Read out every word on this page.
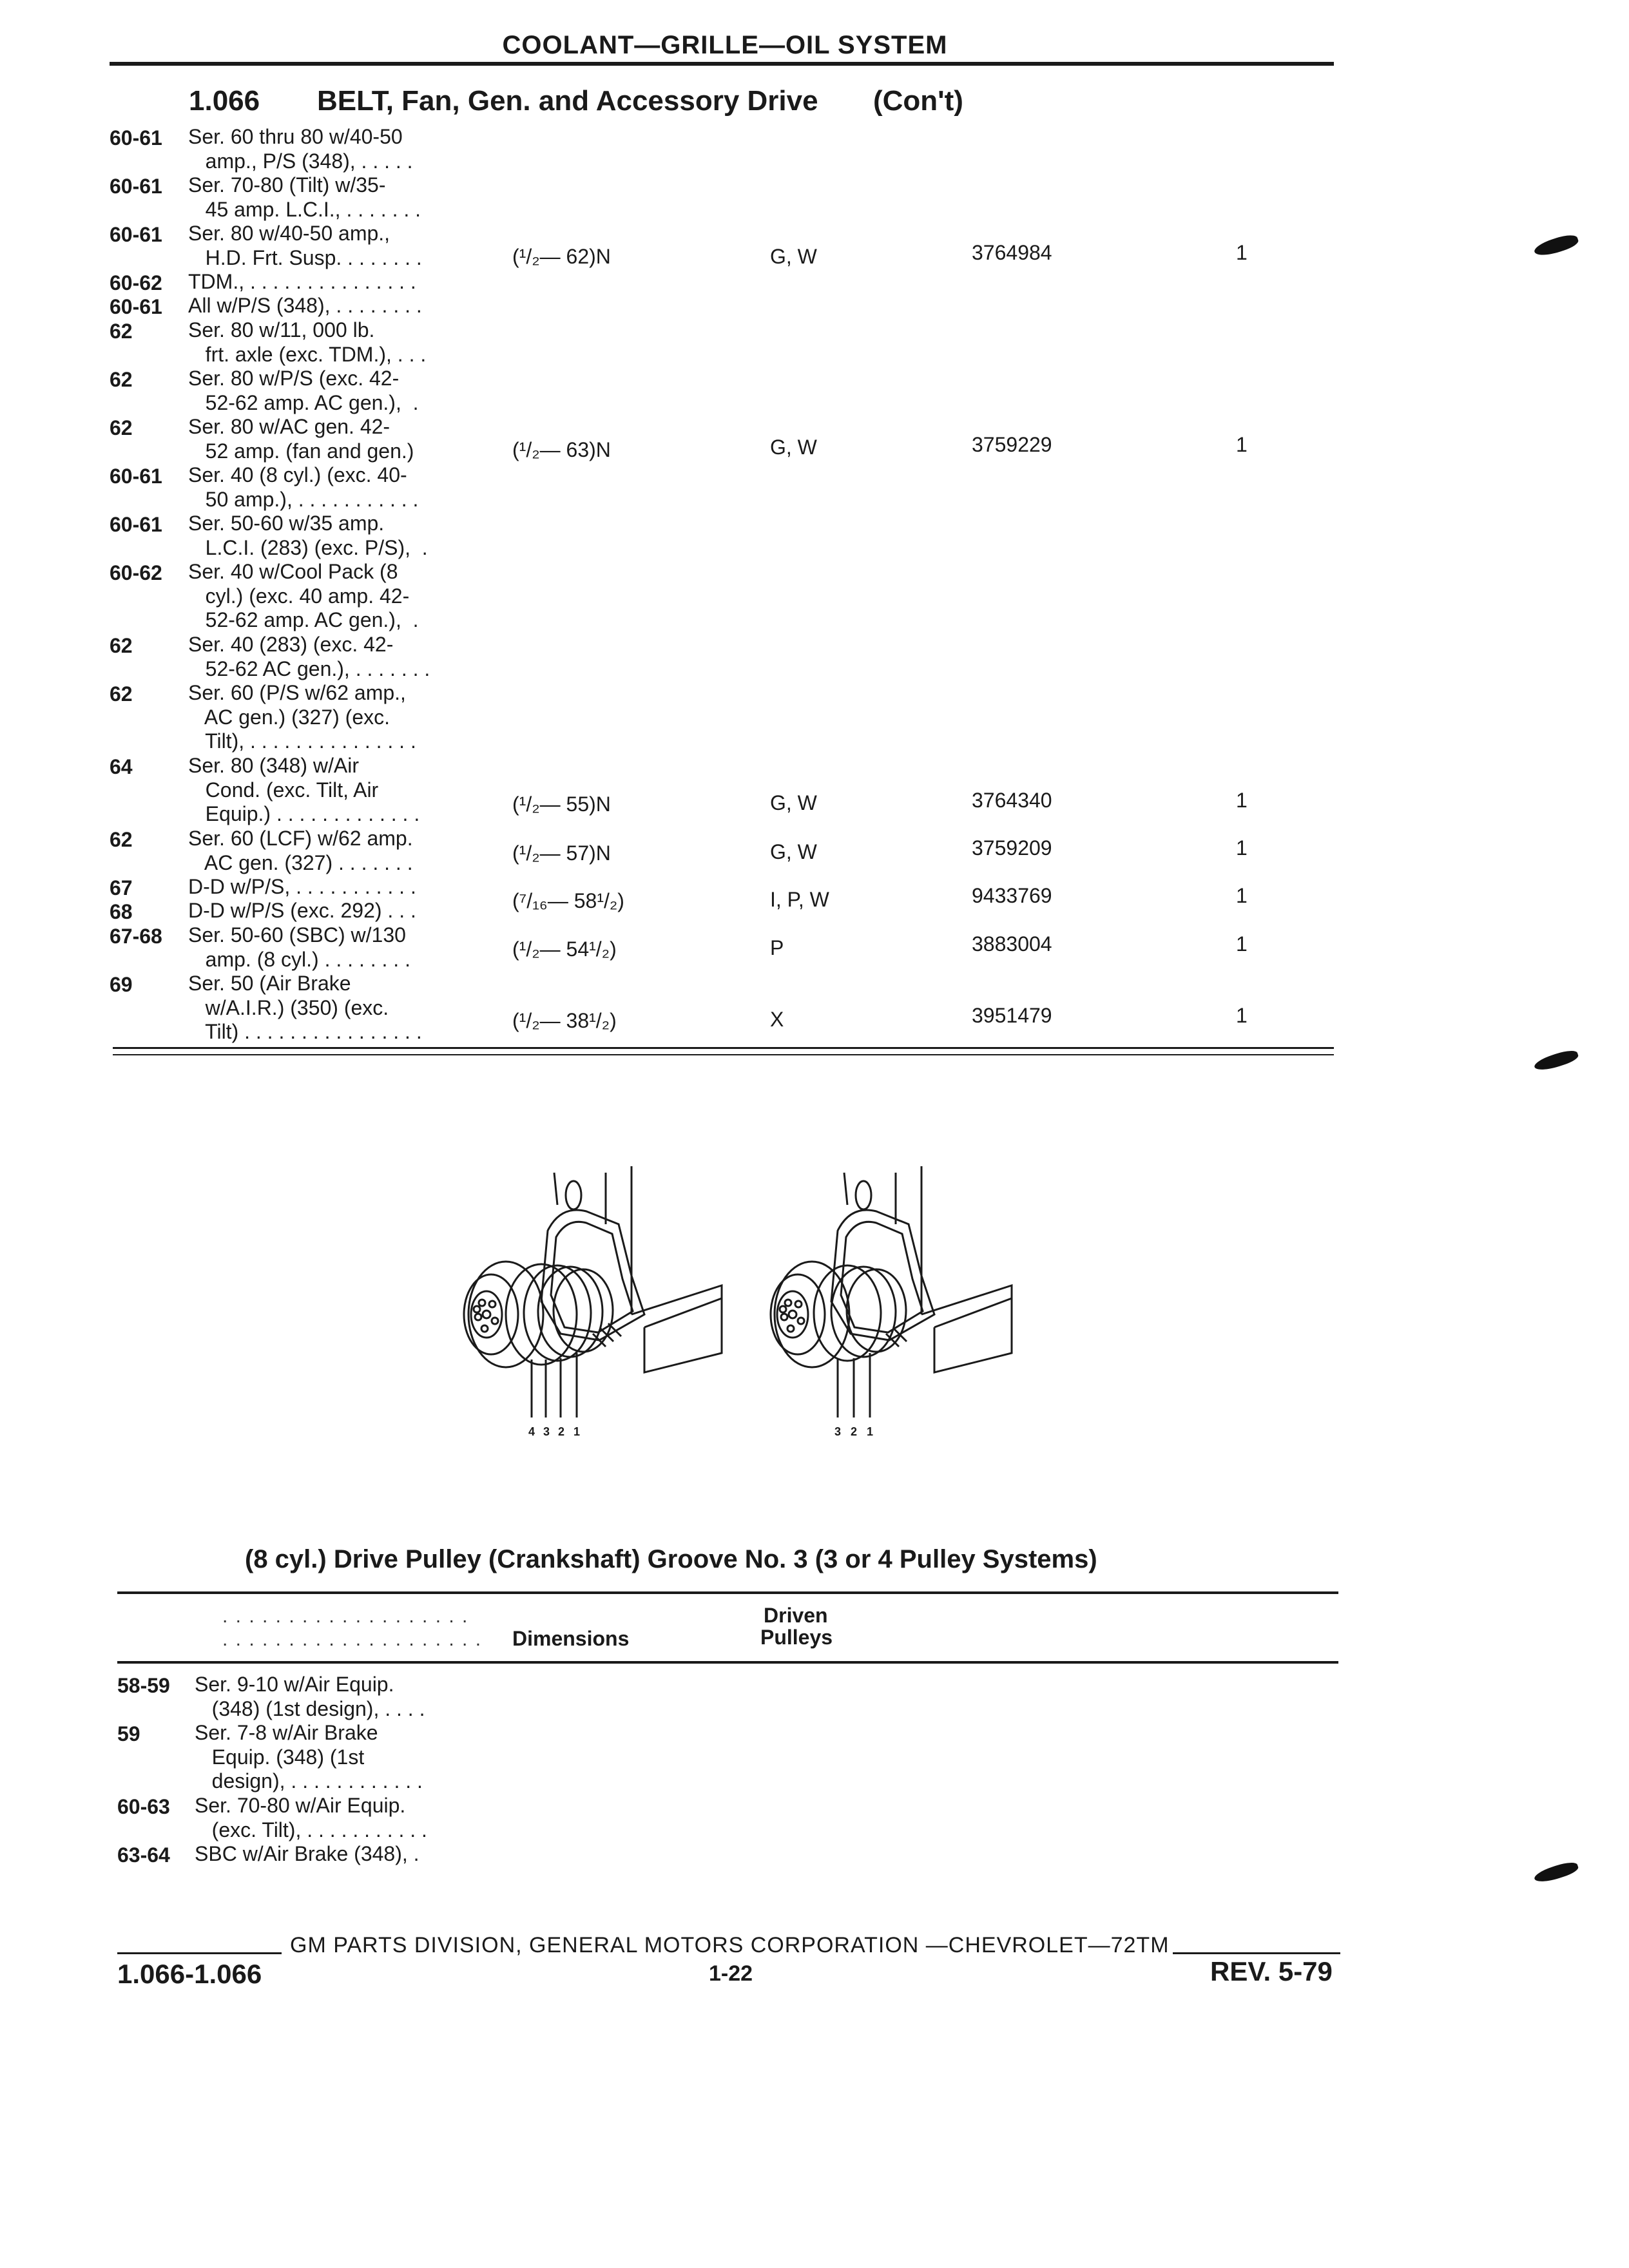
COOLANT—GRILLE—OIL SYSTEM
1.066 BELT, Fan, Gen. and Accessory Drive (Con't)
60-61 Ser. 60 thru 80 w/40-50
amp., P/S (348), . . . . .
60-61 Ser. 70-80 (Tilt) w/35-
45 amp. L.C.I., . . . . . . .
60-61 Ser. 80 w/40-50 amp.,
H.D. Frt. Susp. . . . . . . .	(¹/₂— 62)N	G, W	3764984	1
60-62 TDM., . . . . . . . . . . . . . . .
60-61 All w/P/S (348), . . . . . . . .
62	Ser. 80 w/11, 000 lb.
frt. axle (exc. TDM.), . . .
62	Ser. 80 w/P/S (exc. 42-
52-62 amp. AC gen.),  .
62	Ser. 80 w/AC gen. 42-
52 amp. (fan and gen.)	(¹/₂— 63)N	G, W	3759229	1
60-61 Ser. 40 (8 cyl.) (exc. 40-
50 amp.), . . . . . . . . . . .
60-61 Ser. 50-60 w/35 amp.
L.C.I. (283) (exc. P/S),  .
60-62 Ser. 40 w/Cool Pack (8
cyl.) (exc. 40 amp. 42-
52-62 amp. AC gen.),  .
62	Ser. 40 (283) (exc. 42-
52-62 AC gen.), . . . . . . .
62	Ser. 60 (P/S w/62 amp.,
AC gen.) (327) (exc.
Tilt), . . . . . . . . . . . . . . .
64	Ser. 80 (348) w/Air
Cond. (exc. Tilt, Air
Equip.) . . . . . . . . . . . . .	(¹/₂— 55)N	G, W	3764340	1
62	Ser. 60 (LCF) w/62 amp.
AC gen. (327) . . . . . . .	(¹/₂— 57)N	G, W	3759209	1
67	D-D w/P/S, . . . . . . . . . . .
68	D-D w/P/S (exc. 292) . . .	(⁷/₁₆— 58¹/₂)	I, P, W	9433769	1
67-68 Ser. 50-60 (SBC) w/130
amp. (8 cyl.) . . . . . . . .	(¹/₂— 54¹/₂)	P	3883004	1
69	Ser. 50 (Air Brake
w/A.I.R.) (350) (exc.
Tilt) . . . . . . . . . . . . . . . .	(¹/₂— 38¹/₂)	X	3951479	1
4 3 2 1	3 2 1
(8 cyl.) Drive Pulley (Crankshaft) Groove No. 3 (3 or 4 Pulley Systems)
. . . . . . . . . . . . . . . . . . .
. . . . . . . . . . . . . . . . . . . . Dimensions
Driven
Pulleys
58-59 Ser. 9-10 w/Air Equip.
(348) (1st design), . . . .
59	Ser. 7-8 w/Air Brake
Equip. (348) (1st
design), . . . . . . . . . . . .
60-63 Ser. 70-80 w/Air Equip.
(exc. Tilt), . . . . . . . . . . .
63-64 SBC w/Air Brake (348), .
GM PARTS DIVISION, GENERAL MOTORS CORPORATION —CHEVROLET—72TM
1.066-1.066	1-22	REV. 5-79
